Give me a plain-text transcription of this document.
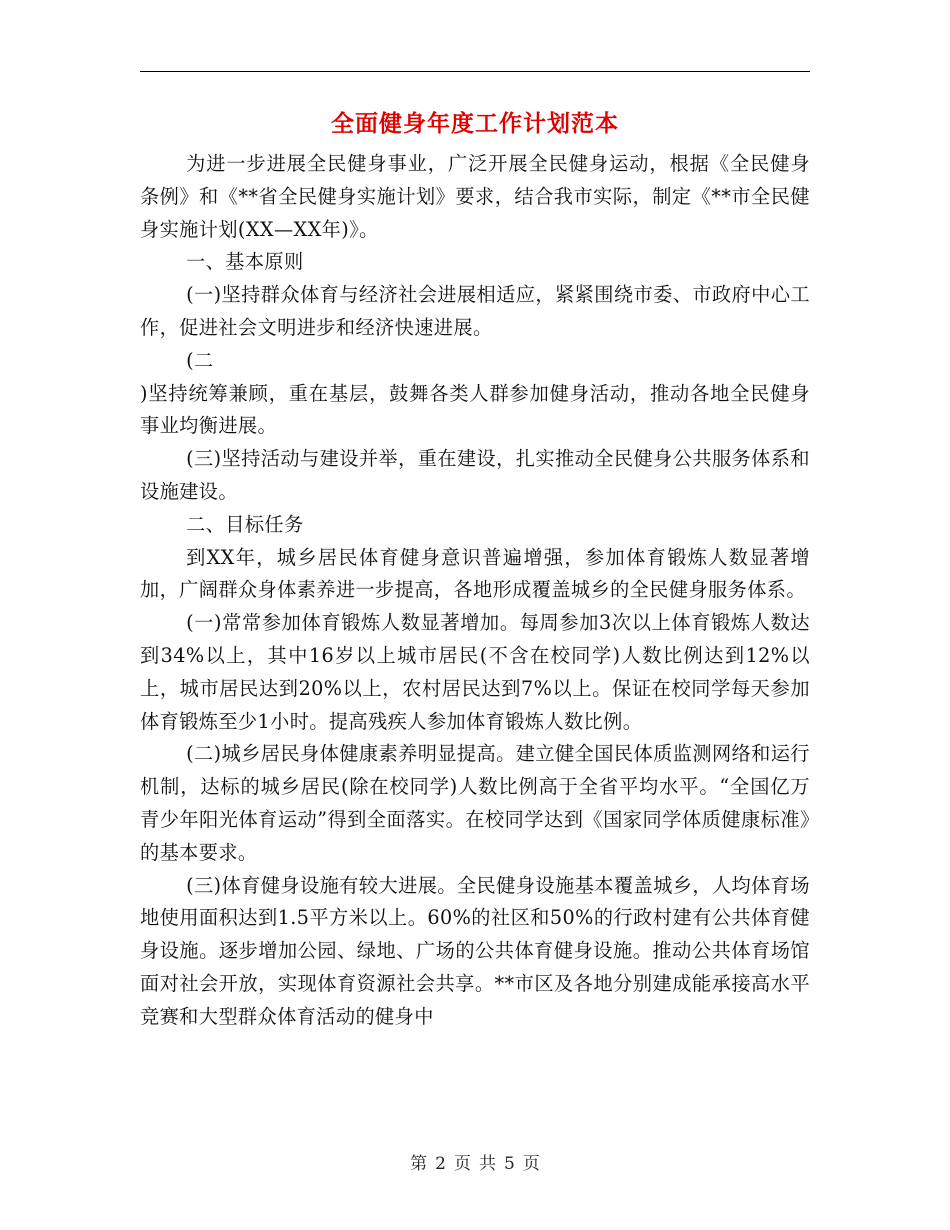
全面健身年度工作计划范本

为进一步进展全民健身事业，广泛开展全民健身运动，根据《全民健身条例》和《**省全民健身实施计划》要求，结合我市实际，制定《**市全民健身实施计划(XX—XX年)》。

一、基本原则

(一)坚持群众体育与经济社会进展相适应，紧紧围绕市委、市政府中心工作，促进社会文明进步和经济快速进展。

(二

)坚持统筹兼顾，重在基层，鼓舞各类人群参加健身活动，推动各地全民健身事业均衡进展。

(三)坚持活动与建设并举，重在建设，扎实推动全民健身公共服务体系和设施建设。

二、目标任务

到XX年，城乡居民体育健身意识普遍增强，参加体育锻炼人数显著增加，广阔群众身体素养进一步提高，各地形成覆盖城乡的全民健身服务体系。

(一)常常参加体育锻炼人数显著增加。每周参加3次以上体育锻炼人数达到34%以上，其中16岁以上城市居民(不含在校同学)人数比例达到12%以上，城市居民达到20%以上，农村居民达到7%以上。保证在校同学每天参加体育锻炼至少1小时。提高残疾人参加体育锻炼人数比例。

(二)城乡居民身体健康素养明显提高。建立健全国民体质监测网络和运行机制，达标的城乡居民(除在校同学)人数比例高于全省平均水平。“全国亿万青少年阳光体育运动”得到全面落实。在校同学达到《国家同学体质健康标准》的基本要求。

(三)体育健身设施有较大进展。全民健身设施基本覆盖城乡，人均体育场地使用面积达到1.5平方米以上。60%的社区和50%的行政村建有公共体育健身设施。逐步增加公园、绿地、广场的公共体育健身设施。推动公共体育场馆面对社会开放，实现体育资源社会共享。**市区及各地分别建成能承接高水平竞赛和大型群众体育活动的健身中

第 2 页 共 5 页
